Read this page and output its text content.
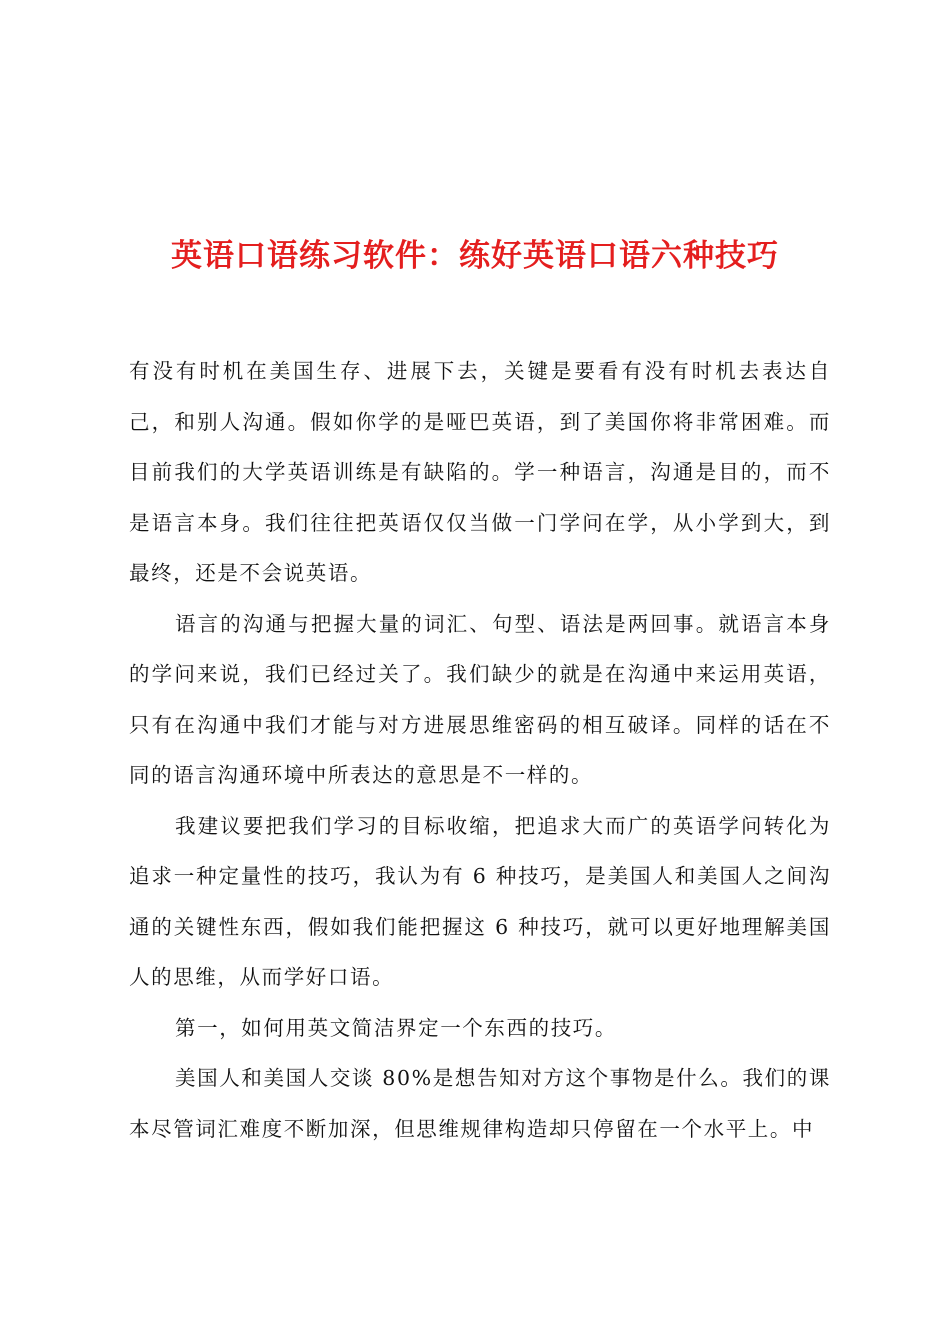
英语口语练习软件：练好英语口语六种技巧

有没有时机在美国生存、进展下去，关键是要看有没有时机去表达自己，和别人沟通。假如你学的是哑巴英语，到了美国你将非常困难。而目前我们的大学英语训练是有缺陷的。学一种语言，沟通是目的，而不是语言本身。我们往往把英语仅仅当做一门学问在学，从小学到大，到最终，还是不会说英语。

语言的沟通与把握大量的词汇、句型、语法是两回事。就语言本身的学问来说，我们已经过关了。我们缺少的就是在沟通中来运用英语，只有在沟通中我们才能与对方进展思维密码的相互破译。同样的话在不同的语言沟通环境中所表达的意思是不一样的。

我建议要把我们学习的目标收缩，把追求大而广的英语学问转化为追求一种定量性的技巧，我认为有 6 种技巧，是美国人和美国人之间沟通的关键性东西，假如我们能把握这 6 种技巧，就可以更好地理解美国人的思维，从而学好口语。

第一，如何用英文简洁界定一个东西的技巧。

美国人和美国人交谈 80%是想告知对方这个事物是什么。我们的课本尽管词汇难度不断加深，但思维规律构造却只停留在一个水平上。中
